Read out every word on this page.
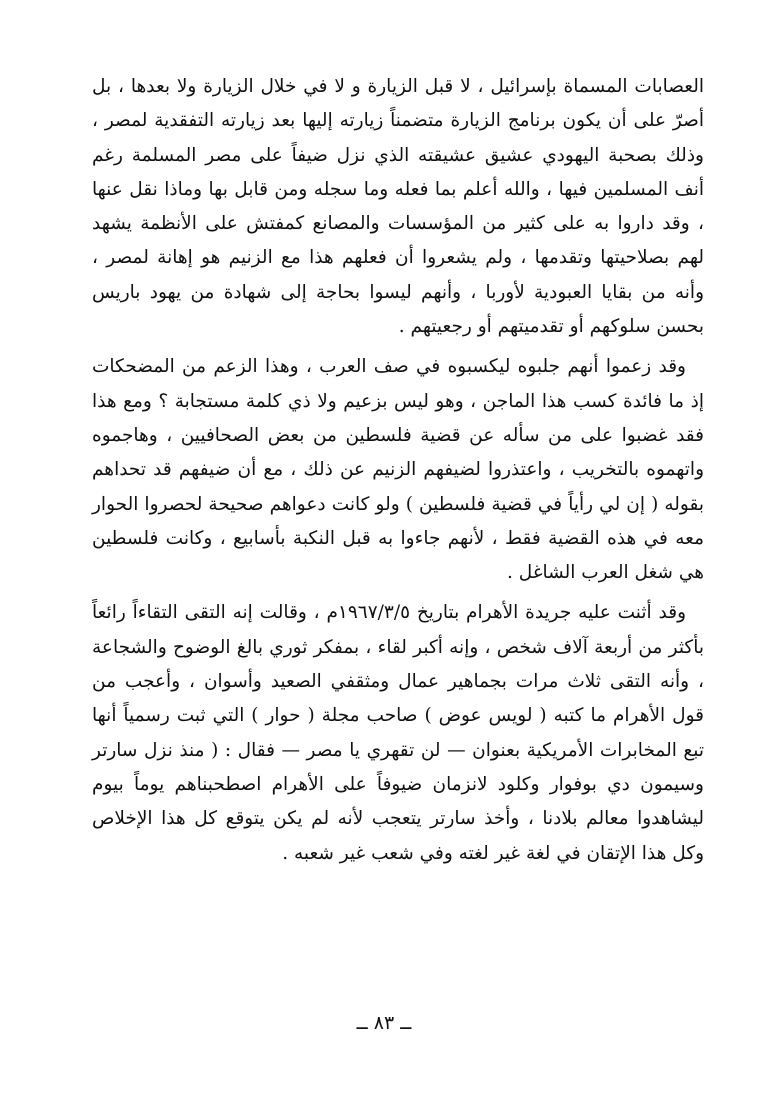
العصابات المسماة بإسرائيل ، لا قبل الزيارة و لا في خلال الزيارة ولا بعدها ، بل أصرّ على أن يكون برنامج الزيارة متضمناً زيارته إليها بعد زيارته التفقدية لمصر ، وذلك بصحبة اليهودي عشيق عشيقته الذي نزل ضيفاً على مصر المسلمة رغم أنف المسلمين فيها ، والله أعلم بما فعله وما سجله ومن قابل بها وماذا نقل عنها ، وقد داروا به على كثير من المؤسسات والمصانع كمفتش على الأنظمة يشهد لهم بصلاحيتها وتقدمها ، ولم يشعروا أن فعلهم هذا مع الزنيم هو إهانة لمصر ، وأنه من بقايا العبودية لأوربا ، وأنهم ليسوا بحاجة إلى شهادة من يهود باريس بحسن سلوكهم أو تقدميتهم أو رجعيتهم .

وقد زعموا أنهم جلبوه ليكسبوه في صف العرب ، وهذا الزعم من المضحكات إذ ما فائدة كسب هذا الماجن ، وهو ليس بزعيم ولا ذي كلمة مستجابة ؟ ومع هذا فقد غضبوا على من سأله عن قضية فلسطين من بعض الصحافيين ، وهاجموه واتهموه بالتخريب ، واعتذروا لضيفهم الزنيم عن ذلك ، مع أن ضيفهم قد تحداهم بقوله ( إن لي رأياً في قضية فلسطين ) ولو كانت دعواهم صحيحة لحصروا الحوار معه في هذه القضية فقط ، لأنهم جاءوا به قبل النكبة بأسابيع ، وكانت فلسطين هي شغل العرب الشاغل .

وقد أثنت عليه جريدة الأهرام بتاريخ ١٩٦٧/٣/٥م ، وقالت إنه التقى التقاءاً رائعاً بأكثر من أربعة آلاف شخص ، وإنه أكبر لقاء ، بمفكر ثوري بالغ الوضوح والشجاعة ، وأنه التقى ثلاث مرات بجماهير عمال ومثقفي الصعيد وأسوان ، وأعجب من قول الأهرام ما كتبه ( لويس عوض ) صاحب مجلة ( حوار ) التي ثبت رسمياً أنها تبع المخابرات الأمريكية بعنوان — لن تقهري يا مصر — فقال : ( منذ نزل سارتر وسيمون دي بوفوار وكلود لانزمان ضيوفاً على الأهرام اصطحبناهم يوماً بيوم ليشاهدوا معالم بلادنا ، وأخذ سارتر يتعجب لأنه لم يكن يتوقع كل هذا الإخلاص وكل هذا الإتقان في لغة غير لغته وفي شعب غير شعبه .

ــ ٨٣ ــ
